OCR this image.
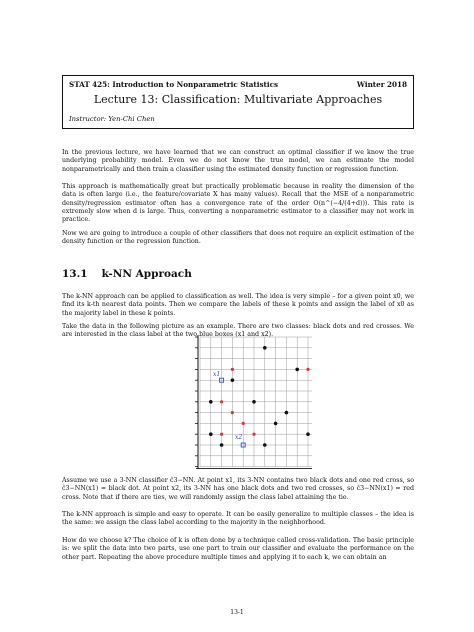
STAT 425: Introduction to Nonparametric Statistics	Winter 2018
Lecture 13: Classification: Multivariate Approaches
Instructor: Yen-Chi Chen

In the previous lecture, we have learned that we can construct an optimal classifier if we know the true underlying probability model. Even we do not know the true model, we can estimate the model nonparametrically and then train a classifier using the estimated density function or regression function.

This approach is mathematically great but practically problematic because in reality the dimension of the data is often large (i.e., the feature/covariate X has many values). Recall that the MSE of a nonparametric density/regression estimator often has a convergence rate of the order O(n^(−4/(4+d))). This rate is extremely slow when d is large. Thus, converting a nonparametric estimator to a classifier may not work in practice.

Now we are going to introduce a couple of other classifiers that does not require an explicit estimation of the density function or the regression function.

13.1 k-NN Approach

The k-NN approach can be applied to classification as well. The idea is very simple – for a given point x0, we find its k-th nearest data points. Then we compare the labels of these k points and assign the label of x0 as the majority label in these k points.

Take the data in the following picture as an example. There are two classes: black dots and red crosses. We are interested in the class label at the two blue boxes (x1 and x2).

x1
x2

Assume we use a 3-NN classifier ĉ3−NN. At point x1, its 3-NN contains two black dots and one red cross, so ĉ3−NN(x1) = black dot. At point x2, its 3-NN has one black dots and two red crosses, so ĉ3−NN(x1) = red cross. Note that if there are ties, we will randomly assign the class label attaining the tie.

The k-NN approach is simple and easy to operate. It can be easily generalize to multiple classes – the idea is the same: we assign the class label according to the majority in the neighborhood.

How do we choose k? The choice of k is often done by a technique called cross-validation. The basic principle is: we split the data into two parts, use one part to train our classifier and evaluate the performance on the other part. Repeating the above procedure multiple times and applying it to each k, we can obtain an

13-1
